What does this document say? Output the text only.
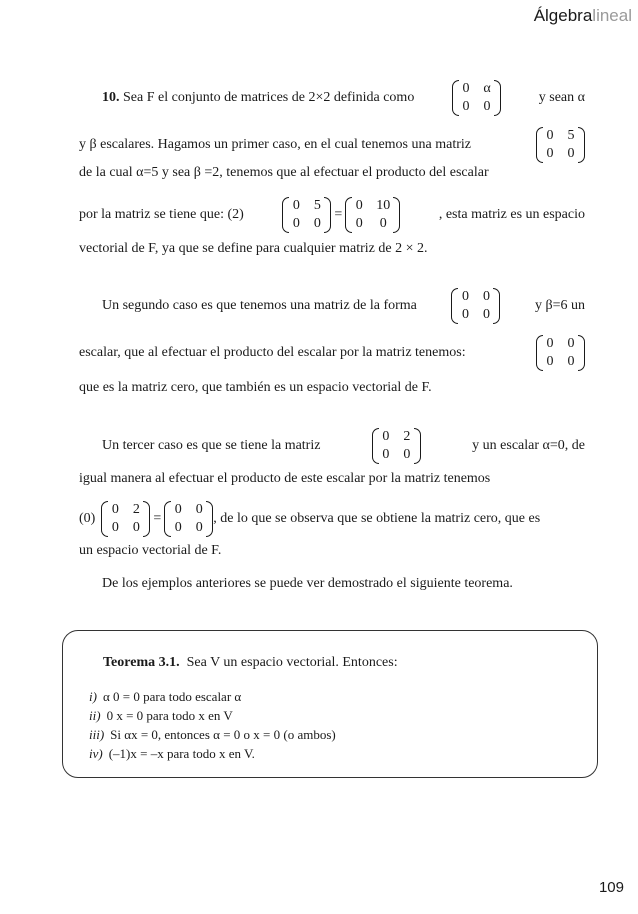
Álgebralineal
10. Sea F el conjunto de matrices de 2×2 definida como
0 α
0 0
y sean α
y β escalares. Hagamos un primer caso, en el cual tenemos una matriz
0 5
0 0
de la cual α=5 y sea β =2, tenemos que al efectuar el producto del escalar
por la matriz se tiene que: (2)
0 5
0 0
=
0 10
0 0
, esta matriz es un espacio
vectorial de F, ya que se define para cualquier matriz de 2 × 2.
Un segundo caso es que tenemos una matriz de la forma
0 0
0 0
y β=6 un
escalar, que al efectuar el producto del escalar por la matriz tenemos:
0 0
0 0
que es la matriz cero, que también es un espacio vectorial de F.
Un tercer caso es que se tiene la matriz
0 2
0 0
y un escalar α=0, de
igual manera al efectuar el producto de este escalar por la matriz tenemos
(0)
0 2
0 0
=
0 0
0 0
, de lo que se observa que se obtiene la matriz cero, que es
un espacio vectorial de F.
De los ejemplos anteriores se puede ver demostrado el siguiente teorema.
Teorema 3.1. Sea V un espacio vectorial. Entonces:
i) α 0 = 0 para todo escalar α
ii) 0 x = 0 para todo x en V
iii) Si αx = 0, entonces α = 0 o x = 0 (o ambos)
iv) (–1)x = –x para todo x en V.
109
